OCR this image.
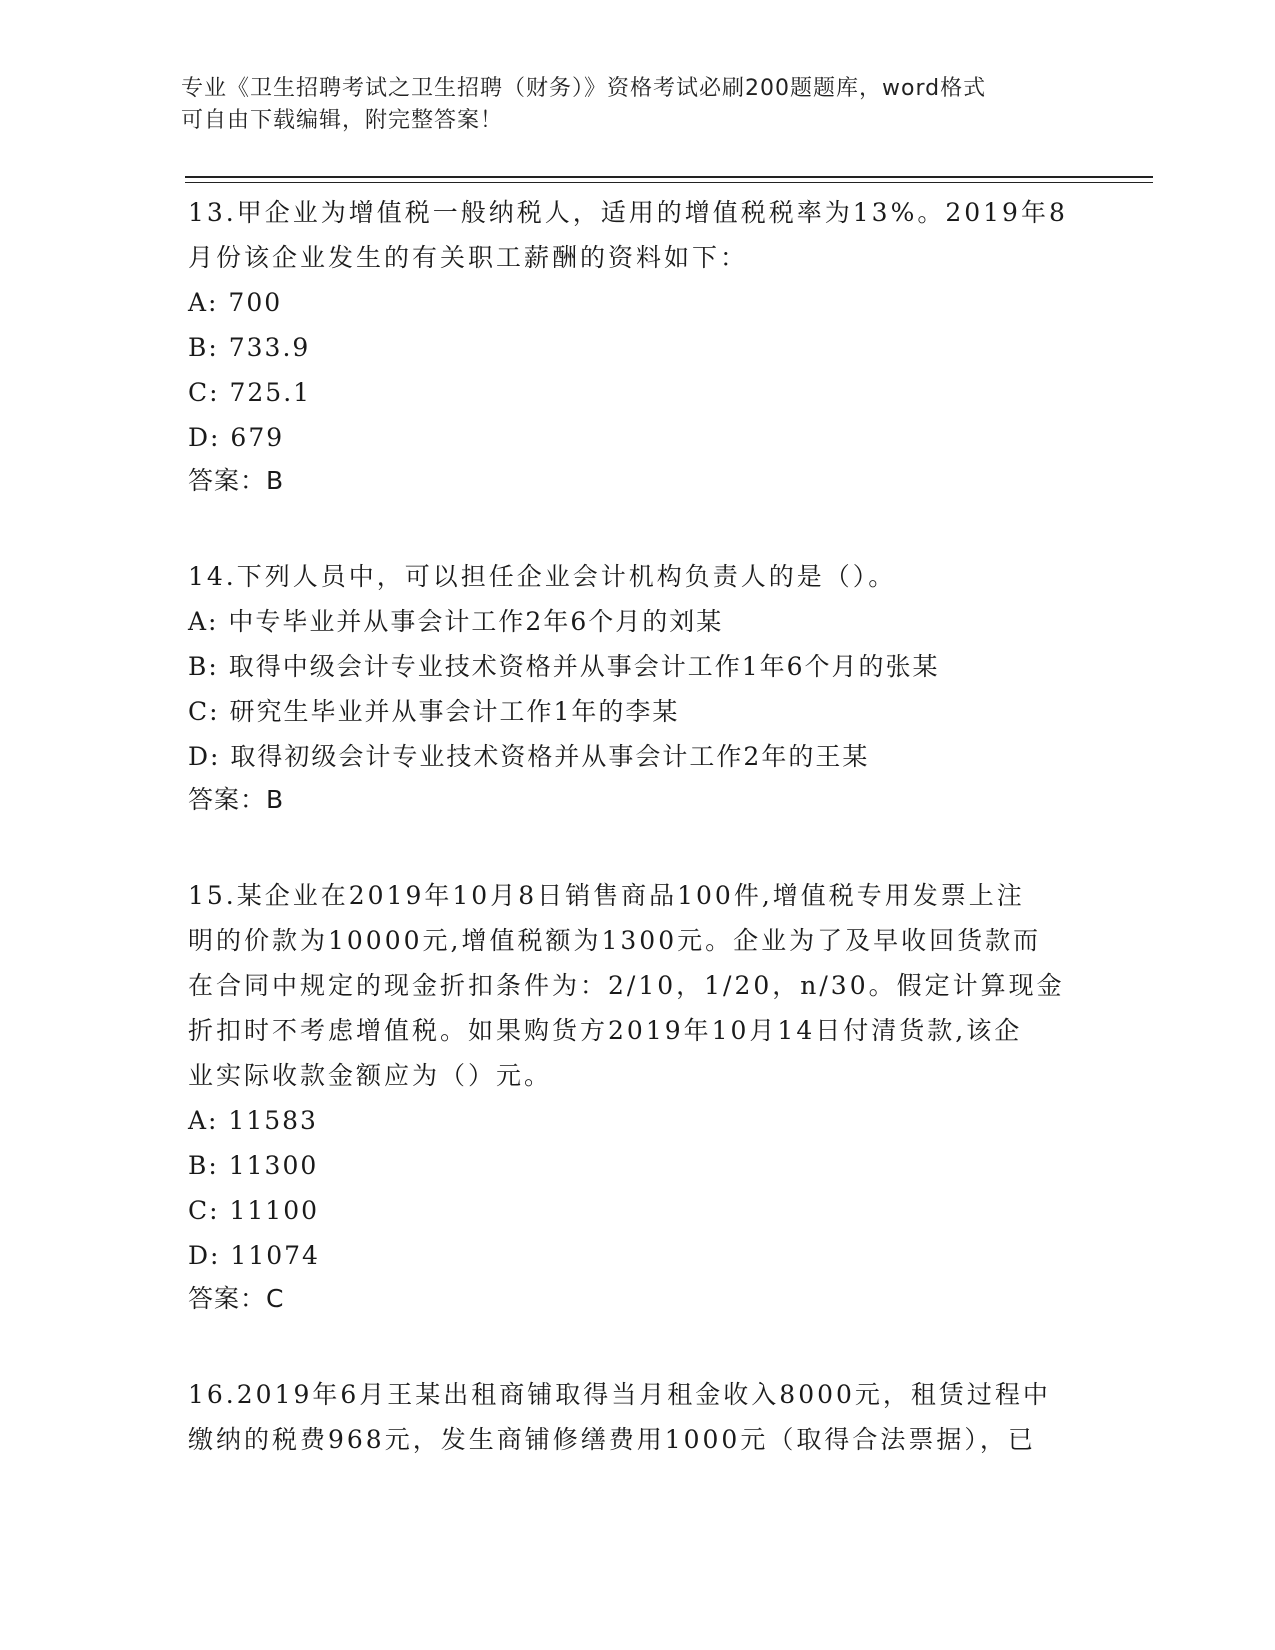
专业《卫生招聘考试之卫生招聘（财务）》资格考试必刷200题题库，word格式
可自由下载编辑，附完整答案！

13.甲企业为增值税一般纳税人，适用的增值税税率为13%。2019年8

月份该企业发生的有关职工薪酬的资料如下：

A: 700

B: 733.9

C: 725.1

D: 679

答案：B

14.下列人员中，可以担任企业会计机构负责人的是（）。

A: 中专毕业并从事会计工作2年6个月的刘某

B: 取得中级会计专业技术资格并从事会计工作1年6个月的张某

C: 研究生毕业并从事会计工作1年的李某

D: 取得初级会计专业技术资格并从事会计工作2年的王某

答案：B

15.某企业在2019年10月8日销售商品100件,增值税专用发票上注

明的价款为10000元,增值税额为1300元。企业为了及早收回货款而

在合同中规定的现金折扣条件为：2/10，1/20，n/30。假定计算现金

折扣时不考虑增值税。如果购货方2019年10月14日付清货款,该企

业实际收款金额应为（）元。

A: 11583

B: 11300

C: 11100

D: 11074

答案：C

16.2019年6月王某出租商铺取得当月租金收入8000元，租赁过程中

缴纳的税费968元，发生商铺修缮费用1000元（取得合法票据），已
